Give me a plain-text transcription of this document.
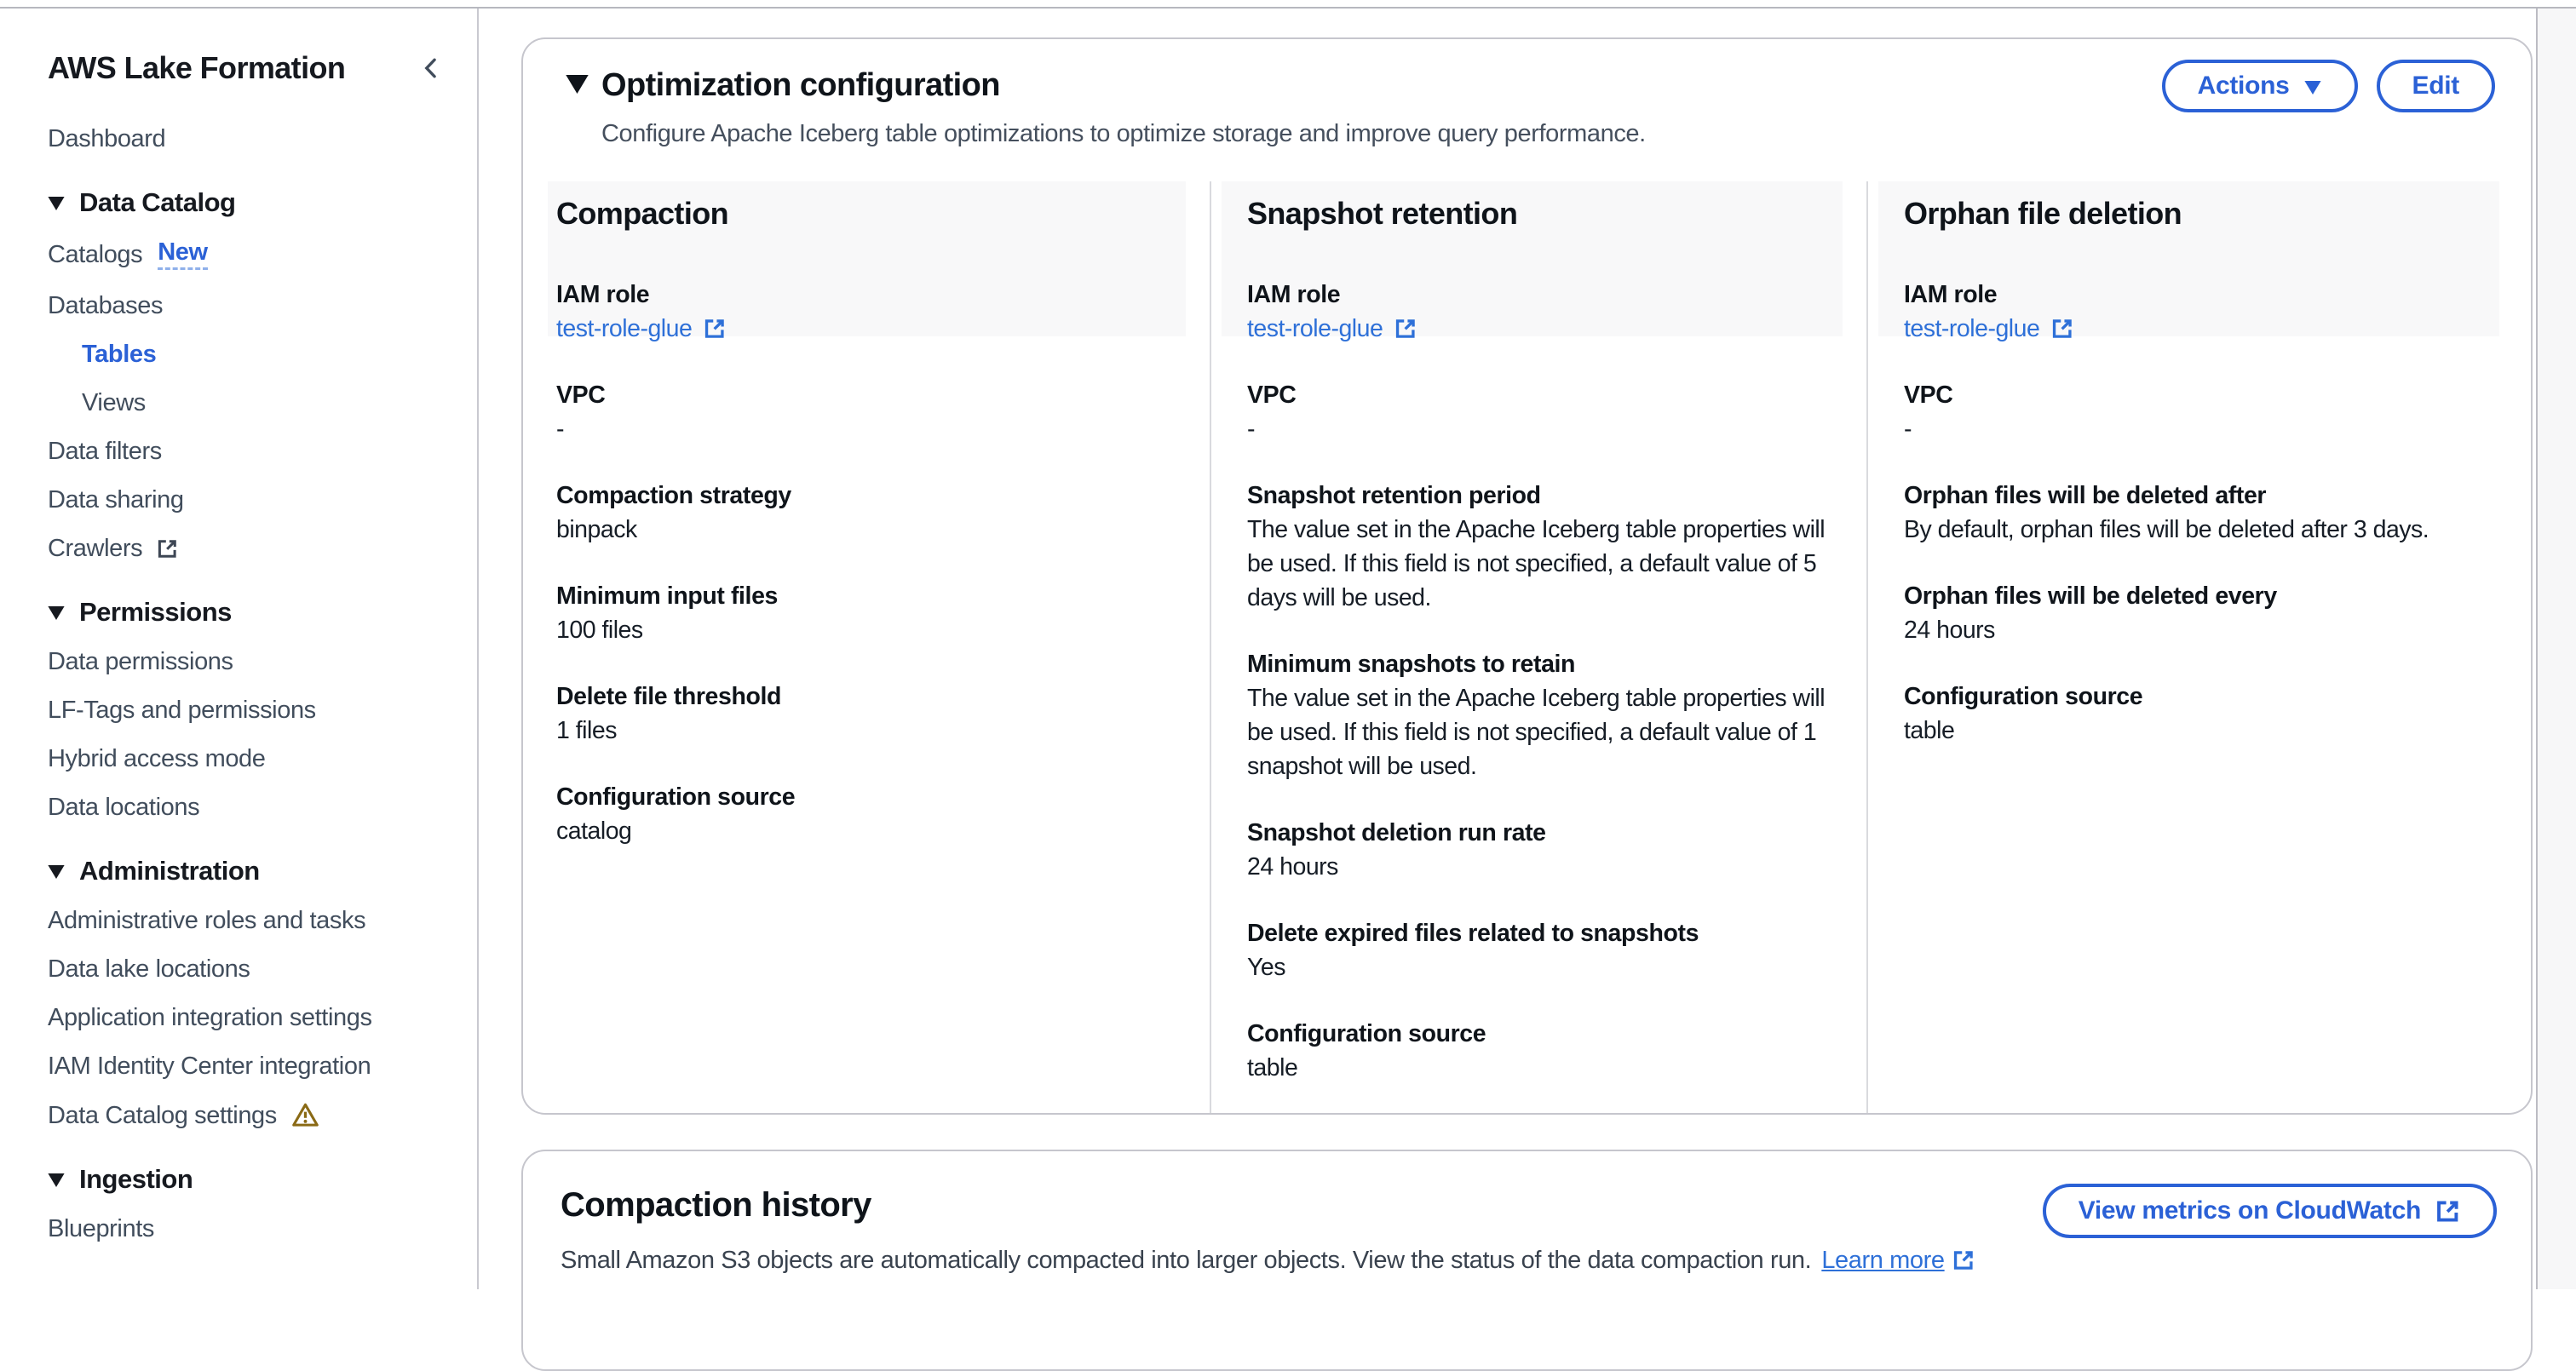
AWS Lake Formation
Dashboard
Data Catalog
Catalogs New
Databases
Tables
Views
Data filters
Data sharing
Crawlers
Permissions
Data permissions
LF-Tags and permissions
Hybrid access mode
Data locations
Administration
Administrative roles and tasks
Data lake locations
Application integration settings
IAM Identity Center integration
Data Catalog settings
Ingestion
Blueprints
Optimization configuration	Actions	Edit
Configure Apache Iceberg table optimizations to optimize storage and improve query performance.
Compaction
IAM role
test-role-glue
VPC
-
Compaction strategy
binpack
Minimum input files
100 files
Delete file threshold
1 files
Configuration source
catalog
Snapshot retention
IAM role
test-role-glue
VPC
-
Snapshot retention period
The value set in the Apache Iceberg table properties will be used. If this field is not specified, a default value of 5 days will be used.
Minimum snapshots to retain
The value set in the Apache Iceberg table properties will be used. If this field is not specified, a default value of 1 snapshot will be used.
Snapshot deletion run rate
24 hours
Delete expired files related to snapshots
Yes
Configuration source
table
Orphan file deletion
IAM role
test-role-glue
VPC
-
Orphan files will be deleted after
By default, orphan files will be deleted after 3 days.
Orphan files will be deleted every
24 hours
Configuration source
table
Compaction history
Small Amazon S3 objects are automatically compacted into larger objects. View the status of the data compaction run. Learn more
View metrics on CloudWatch
